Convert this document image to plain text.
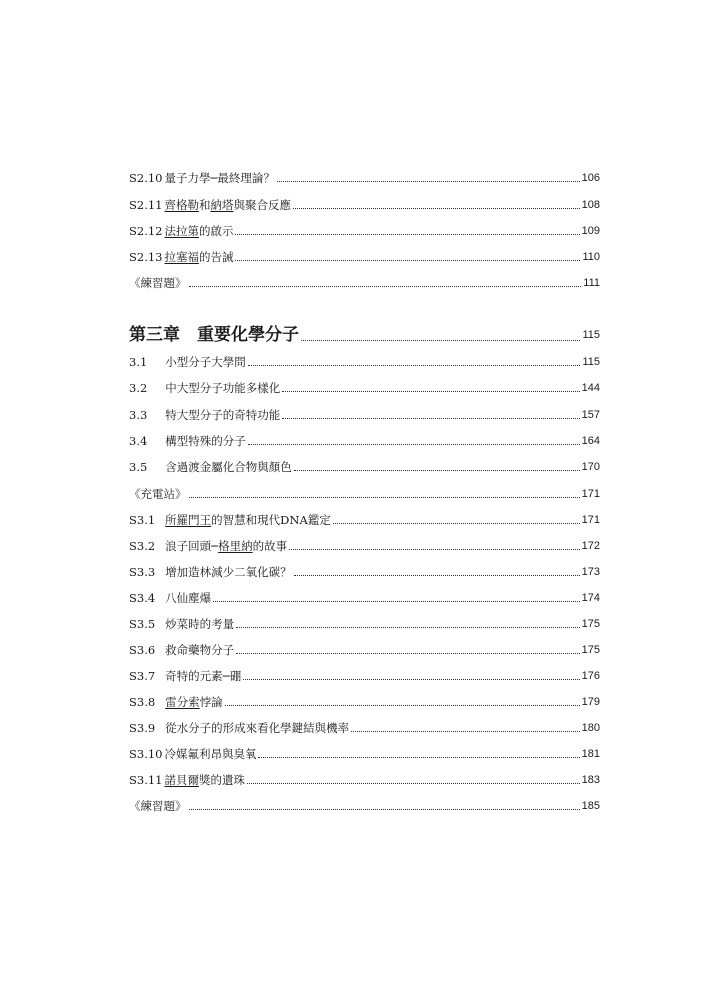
S2.10 量子力學─最終理論？	106
S2.11 齊格勒和納塔與聚合反應	108
S2.12 法拉第的啟示	109
S2.13 拉塞福的告誡	110
《練習題》	111
第三章　重要化學分子	115
3.1 小型分子大學問	115
3.2 中大型分子功能多樣化	144
3.3 特大型分子的奇特功能	157
3.4 構型特殊的分子	164
3.5 含過渡金屬化合物與顏色	170
《充電站》	171
S3.1 所羅門王的智慧和現代DNA鑑定	171
S3.2 浪子回頭─格里納的故事	172
S3.3 增加造林減少二氧化碳？	173
S3.4 八仙塵爆	174
S3.5 炒菜時的考量	175
S3.6 救命藥物分子	175
S3.7 奇特的元素─硼	176
S3.8 雷分索悖論	179
S3.9 從水分子的形成來看化學鍵結與機率	180
S3.10 冷媒氟利昂與臭氧	181
S3.11 諾貝爾獎的遺珠	183
《練習題》	185
